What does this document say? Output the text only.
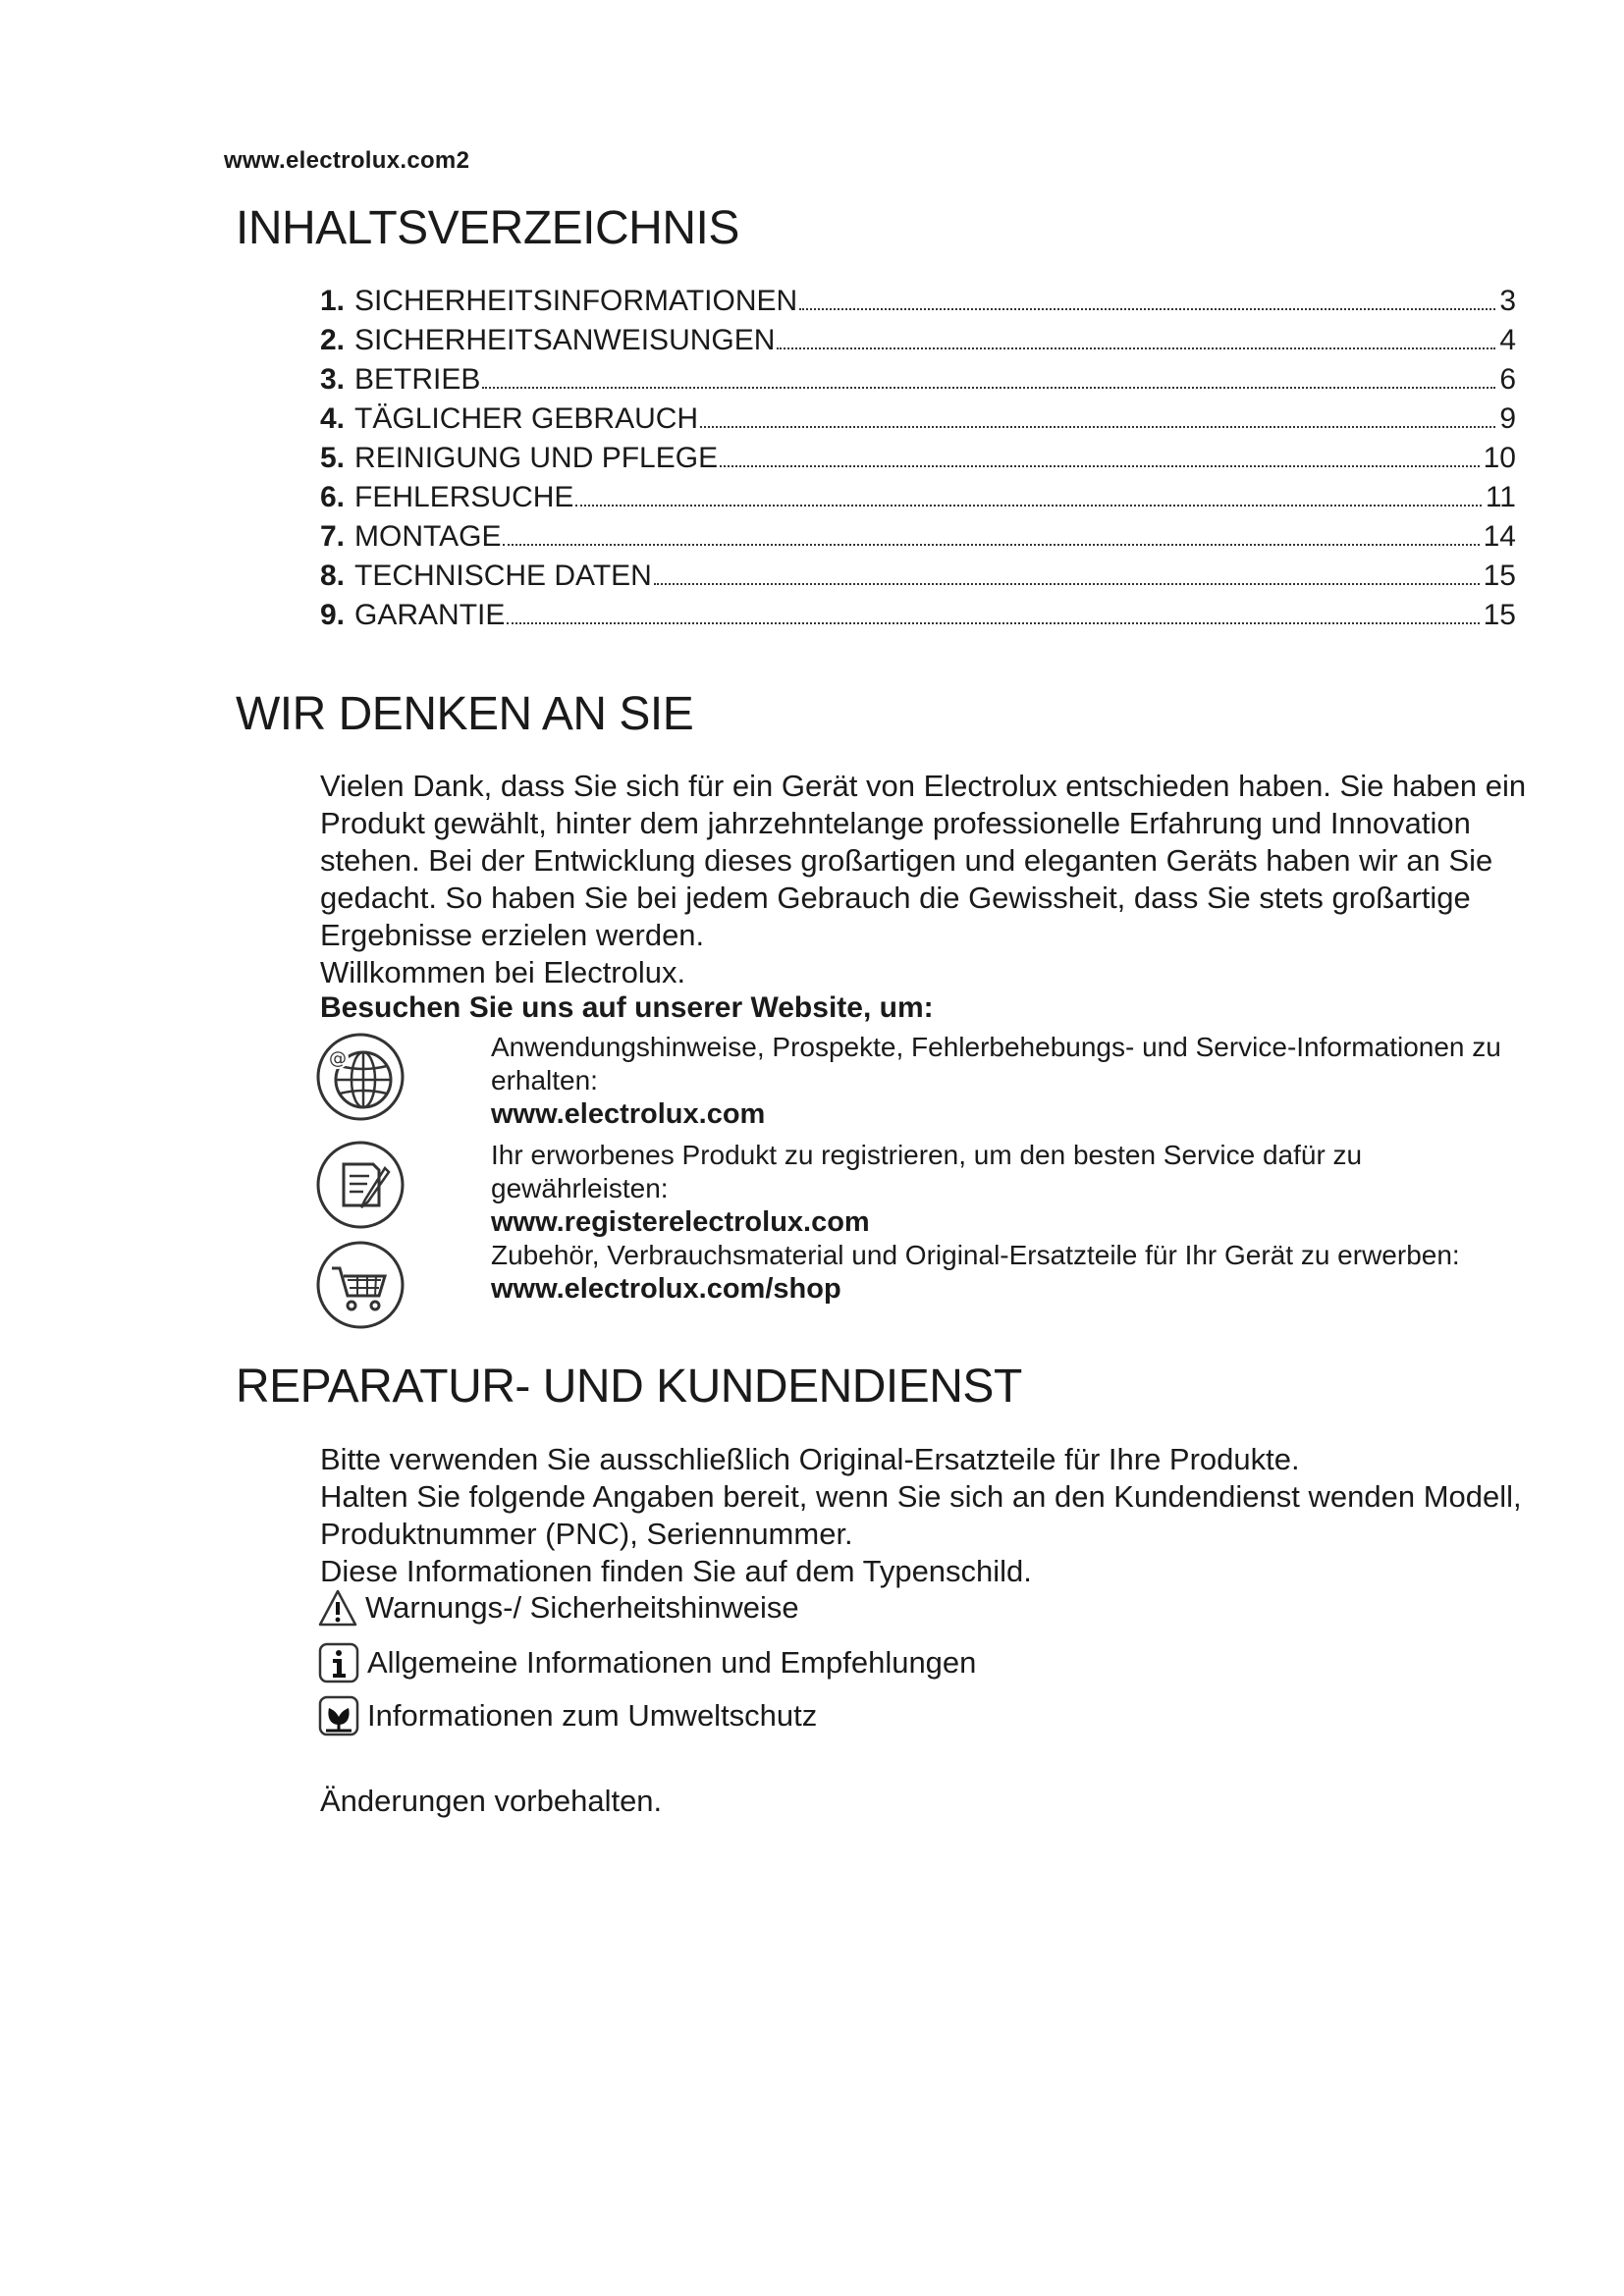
www.electrolux.com2
INHALTSVERZEICHNIS
1. SICHERHEITSINFORMATIONEN	3
2. SICHERHEITSANWEISUNGEN	4
3. BETRIEB	6
4. TÄGLICHER GEBRAUCH	9
5. REINIGUNG UND PFLEGE	10
6. FEHLERSUCHE	11
7. MONTAGE	14
8. TECHNISCHE DATEN	15
9. GARANTIE	15
WIR DENKEN AN SIE

Vielen Dank, dass Sie sich für ein Gerät von Electrolux entschieden haben. Sie haben ein Produkt gewählt, hinter dem jahrzehntelange professionelle Erfahrung und Innovation stehen. Bei der Entwicklung dieses großartigen und eleganten Geräts haben wir an Sie gedacht. So haben Sie bei jedem Gebrauch die Gewissheit, dass Sie stets großartige Ergebnisse erzielen werden.

Willkommen bei Electrolux.

Besuchen Sie uns auf unserer Website, um:

@	Anwendungshinweise, Prospekte, Fehlerbehebungs- und Service-Informationen zu erhalten:
www.electrolux.com
Ihr erworbenes Produkt zu registrieren, um den besten Service dafür zu gewährleisten:
www.registerelectrolux.com
Zubehör, Verbrauchsmaterial und Original-Ersatzteile für Ihr Gerät zu erwerben:
www.electrolux.com/shop
REPARATUR- UND KUNDENDIENST

Bitte verwenden Sie ausschließlich Original-Ersatzteile für Ihre Produkte.

Halten Sie folgende Angaben bereit, wenn Sie sich an den Kundendienst wenden Modell, Produktnummer (PNC), Seriennummer.

Diese Informationen finden Sie auf dem Typenschild.

Warnungs-/ Sicherheitshinweise
Allgemeine Informationen und Empfehlungen
Informationen zum Umweltschutz

Änderungen vorbehalten.
